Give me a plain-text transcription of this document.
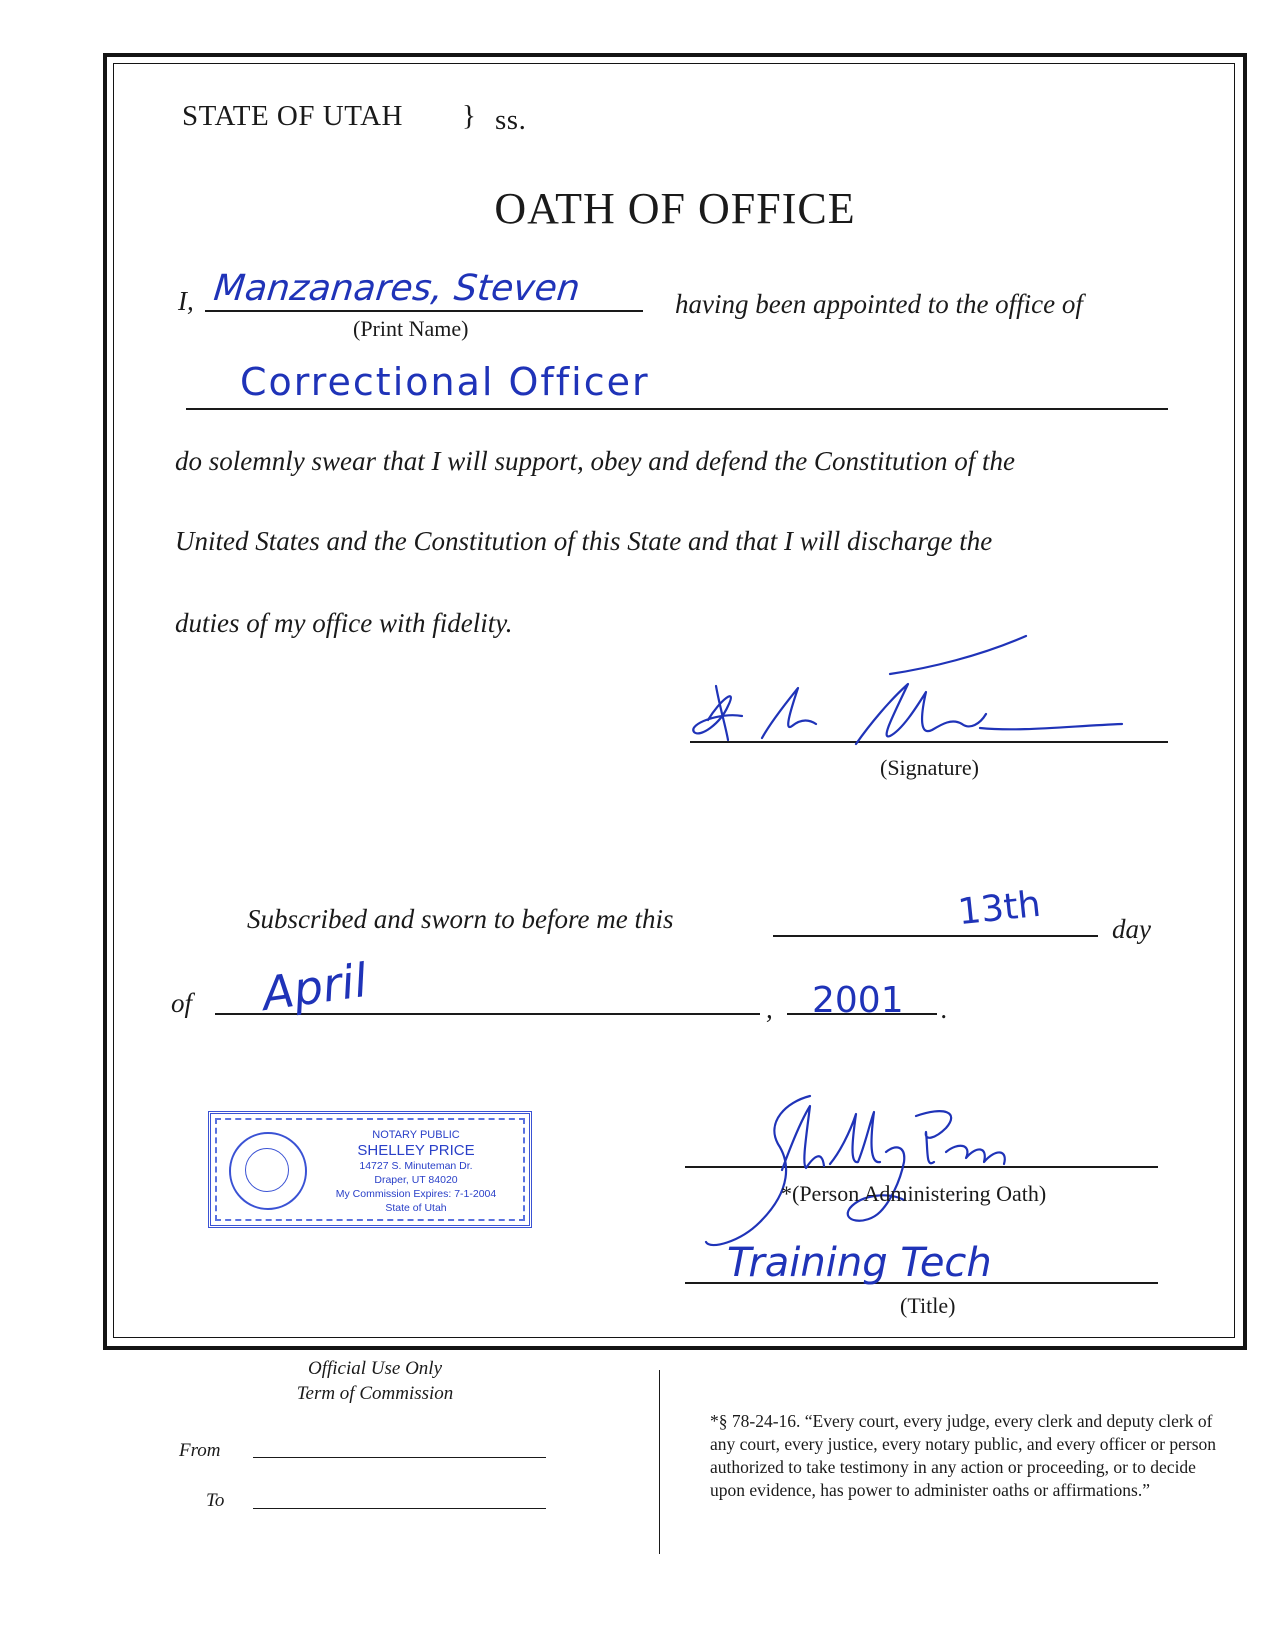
STATE OF UTAH } ss.
OATH OF OFFICE
I, Manzanares, Steven
(Print Name)
having been appointed to the office of
Correctional Officer
do solemnly swear that I will support, obey and defend the Constitution of the
United States and the Constitution of this State and that I will discharge the
duties of my office with fidelity.
(Signature)
Subscribed and sworn to before me this	13th	day
of April	, 2001 .
NOTARY PUBLIC
SHELLEY PRICE
14727 S. Minuteman Dr.
Draper, UT 84020
My Commission Expires: 7-1-2004
State of Utah
*(Person Administering Oath)
Training Tech
(Title)
Official Use Only
Term of Commission
From
To
*§ 78-24-16. “Every court, every judge, every clerk and deputy clerk of any court, every justice, every notary public, and every officer or person authorized to take testimony in any action or proceeding, or to decide upon evidence, has power to administer oaths or affirmations.”
